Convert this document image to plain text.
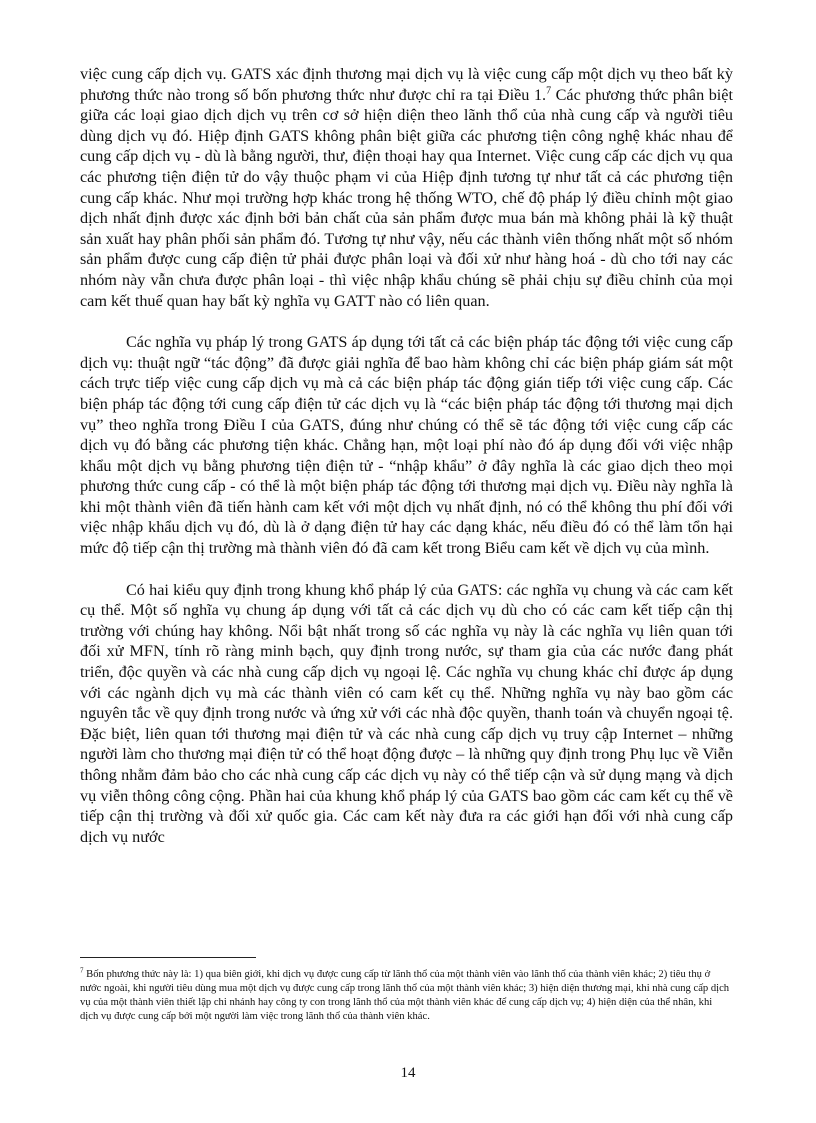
việc cung cấp dịch vụ. GATS xác định thương mại dịch vụ là việc cung cấp một dịch vụ theo bất kỳ phương thức nào trong số bốn phương thức như được chỉ ra tại Điều 1.$^7$ Các phương thức phân biệt giữa các loại giao dịch dịch vụ trên cơ sở hiện diện theo lãnh thổ của nhà cung cấp và người tiêu dùng dịch vụ đó. Hiệp định GATS không phân biệt giữa các phương tiện công nghệ khác nhau để cung cấp dịch vụ - dù là bằng người, thư, điện thoại hay qua Internet. Việc cung cấp các dịch vụ qua các phương tiện điện tử do vậy thuộc phạm vi của Hiệp định tương tự như tất cả các phương tiện cung cấp khác. Như mọi trường hợp khác trong hệ thống WTO, chế độ pháp lý điều chỉnh một giao dịch nhất định được xác định bởi bản chất của sản phẩm được mua bán mà không phải là kỹ thuật sản xuất hay phân phối sản phẩm đó. Tương tự như vậy, nếu các thành viên thống nhất một số nhóm sản phẩm được cung cấp điện tử phải được phân loại và đối xử như hàng hoá - dù cho tới nay các nhóm này vẫn chưa được phân loại - thì việc nhập khẩu chúng sẽ phải chịu sự điều chỉnh của mọi cam kết thuế quan hay bất kỳ nghĩa vụ GATT nào có liên quan.

Các nghĩa vụ pháp lý trong GATS áp dụng tới tất cả các biện pháp tác động tới việc cung cấp dịch vụ: thuật ngữ “tác động” đã được giải nghĩa để bao hàm không chỉ các biện pháp giám sát một cách trực tiếp việc cung cấp dịch vụ mà cả các biện pháp tác động gián tiếp tới việc cung cấp. Các biện pháp tác động tới cung cấp điện tử các dịch vụ là “các biện pháp tác động tới thương mại dịch vụ” theo nghĩa trong Điều I của GATS, đúng như chúng có thể sẽ tác động tới việc cung cấp các dịch vụ đó bằng các phương tiện khác. Chẳng hạn, một loại phí nào đó áp dụng đối với việc nhập khẩu một dịch vụ bằng phương tiện điện tử - “nhập khẩu” ở đây nghĩa là các giao dịch theo mọi phương thức cung cấp - có thể là một biện pháp tác động tới thương mại dịch vụ. Điều này nghĩa là khi một thành viên đã tiến hành cam kết với một dịch vụ nhất định, nó có thể không thu phí đối với việc nhập khẩu dịch vụ đó, dù là ở dạng điện tử hay các dạng khác, nếu điều đó có thể làm tổn hại mức độ tiếp cận thị trường mà thành viên đó đã cam kết trong Biểu cam kết về dịch vụ của mình.

Có hai kiểu quy định trong khung khổ pháp lý của GATS: các nghĩa vụ chung và các cam kết cụ thể. Một số nghĩa vụ chung áp dụng với tất cả các dịch vụ dù cho có các cam kết tiếp cận thị trường với chúng hay không. Nổi bật nhất trong số các nghĩa vụ này là các nghĩa vụ liên quan tới đối xử MFN, tính rõ ràng minh bạch, quy định trong nước, sự tham gia của các nước đang phát triển, độc quyền và các nhà cung cấp dịch vụ ngoại lệ. Các nghĩa vụ chung khác chỉ được áp dụng với các ngành dịch vụ mà các thành viên có cam kết cụ thể. Những nghĩa vụ này bao gồm các nguyên tắc về quy định trong nước và ứng xử với các nhà độc quyền, thanh toán và chuyển ngoại tệ. Đặc biệt, liên quan tới thương mại điện tử và các nhà cung cấp dịch vụ truy cập Internet – những người làm cho thương mại điện tử có thể hoạt động được – là những quy định trong Phụ lục về Viễn thông nhằm đảm bảo cho các nhà cung cấp các dịch vụ này có thể tiếp cận và sử dụng mạng và dịch vụ viễn thông công cộng. Phần hai của khung khổ pháp lý của GATS bao gồm các cam kết cụ thể về tiếp cận thị trường và đối xử quốc gia. Các cam kết này đưa ra các giới hạn đối với nhà cung cấp dịch vụ nước

$^7$ Bốn phương thức này là: 1) qua biên giới, khi dịch vụ được cung cấp từ lãnh thổ của một thành viên vào lãnh thổ của thành viên khác; 2) tiêu thụ ở nước ngoài, khi người tiêu dùng mua một dịch vụ được cung cấp trong lãnh thổ của một thành viên khác; 3) hiện diện thương mại, khi nhà cung cấp dịch vụ của một thành viên thiết lập chi nhánh hay công ty con trong lãnh thổ của một thành viên khác để cung cấp dịch vụ; 4) hiện diện của thể nhân, khi dịch vụ được cung cấp bởi một người làm việc trong lãnh thổ của thành viên khác.

14
